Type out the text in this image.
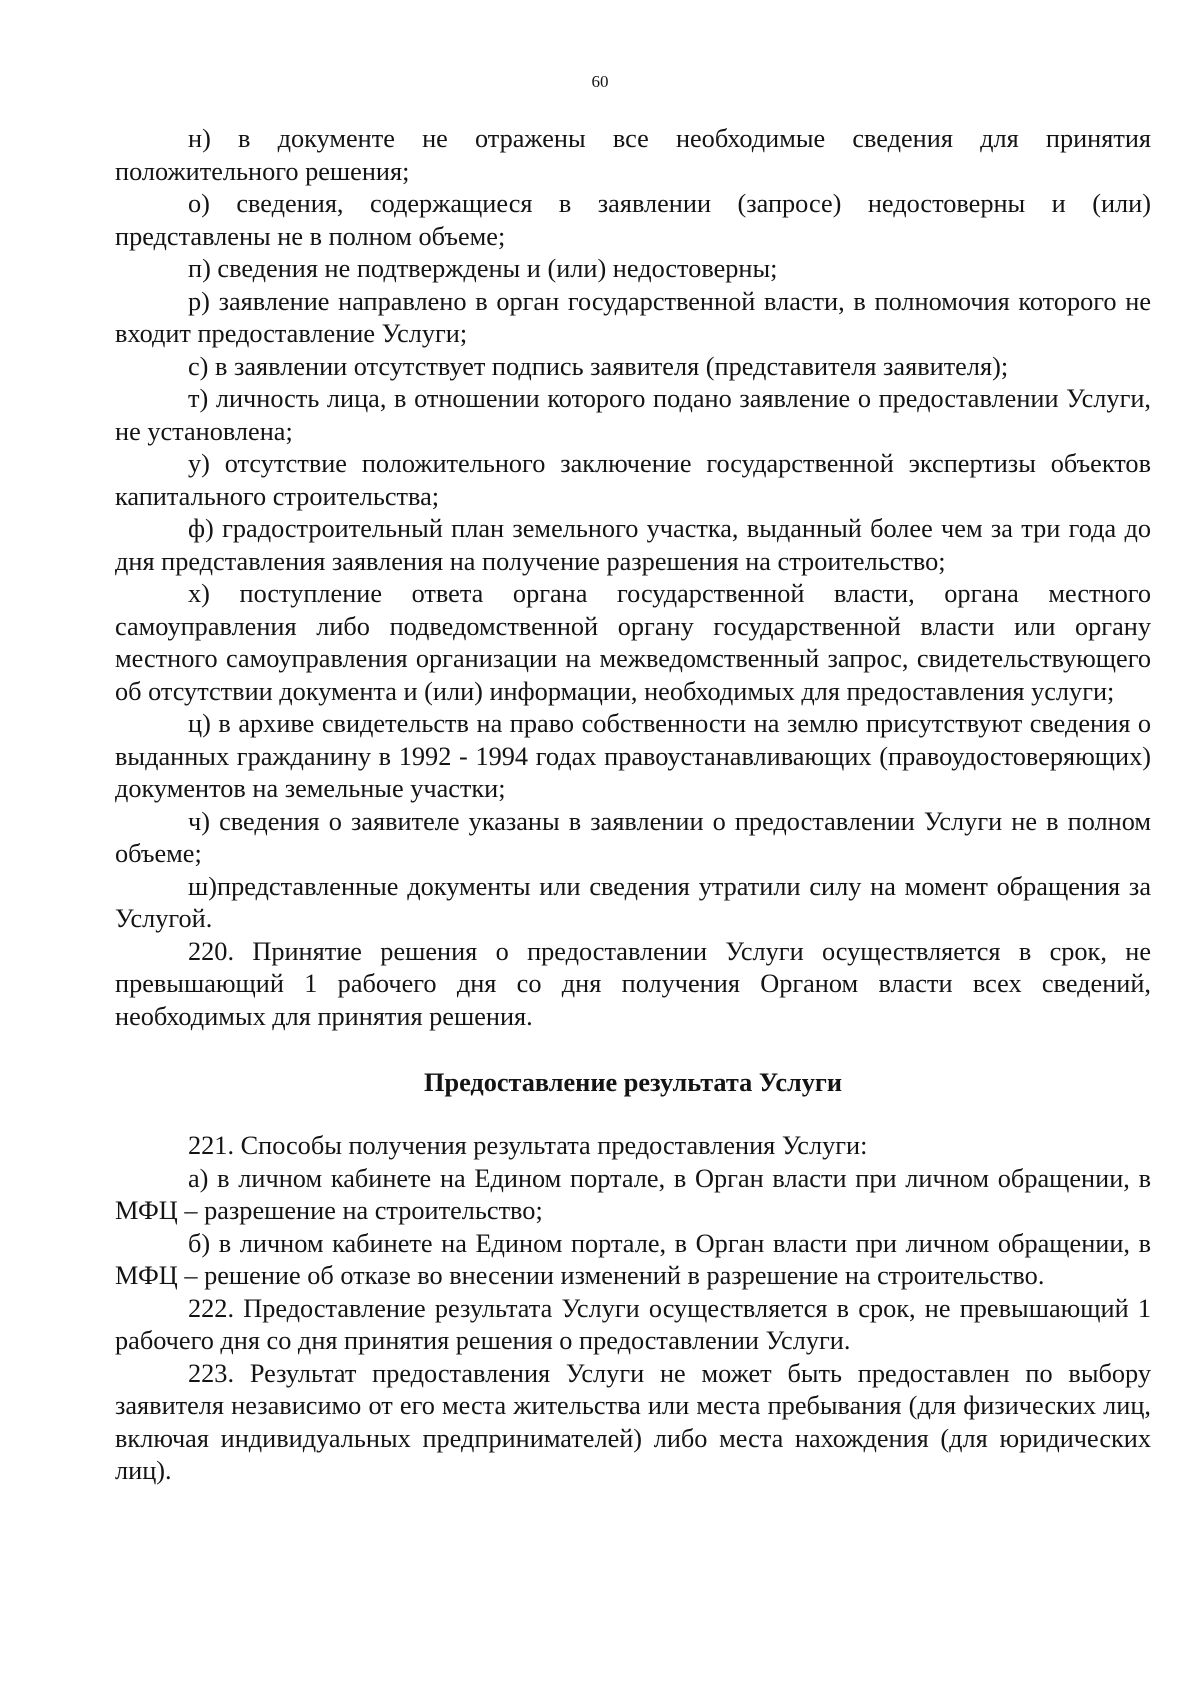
60

н) в документе не отражены все необходимые сведения для принятия положительного решения;

о) сведения, содержащиеся в заявлении (запросе) недостоверны и (или) представлены не в полном объеме;

п) сведения не подтверждены и (или) недостоверны;

р) заявление направлено в орган государственной власти, в полномочия которого не входит предоставление Услуги;

с) в заявлении отсутствует подпись заявителя (представителя заявителя);

т) личность лица, в отношении которого подано заявление о предоставлении Услуги, не установлена;

у) отсутствие положительного заключение государственной экспертизы объектов капитального строительства;

ф) градостроительный план земельного участка, выданный более чем за три года до дня представления заявления на получение разрешения на строительство;

х) поступление ответа органа государственной власти, органа местного самоуправления либо подведомственной органу государственной власти или органу местного самоуправления организации на межведомственный запрос, свидетельствующего об отсутствии документа и (или) информации, необходимых для предоставления услуги;

ц) в архиве свидетельств на право собственности на землю присутствуют сведения о выданных гражданину в 1992 - 1994 годах правоустанавливающих (правоудостоверяющих) документов на земельные участки;

ч) сведения о заявителе указаны в заявлении о предоставлении Услуги не в полном объеме;

ш)представленные документы или сведения утратили силу на момент обращения за Услугой.

220. Принятие решения о предоставлении Услуги осуществляется в срок, не превышающий 1 рабочего дня со дня получения Органом власти всех сведений, необходимых для принятия решения.

Предоставление результата Услуги

221. Способы получения результата предоставления Услуги:

а) в личном кабинете на Едином портале, в Орган власти при личном обращении, в МФЦ – разрешение на строительство;

б) в личном кабинете на Едином портале, в Орган власти при личном обращении, в МФЦ – решение об отказе во внесении изменений в разрешение на строительство.

222. Предоставление результата Услуги осуществляется в срок, не превышающий 1 рабочего дня со дня принятия решения о предоставлении Услуги.

223. Результат предоставления Услуги не может быть предоставлен по выбору заявителя независимо от его места жительства или места пребывания (для физических лиц, включая индивидуальных предпринимателей) либо места нахождения (для юридических лиц).
